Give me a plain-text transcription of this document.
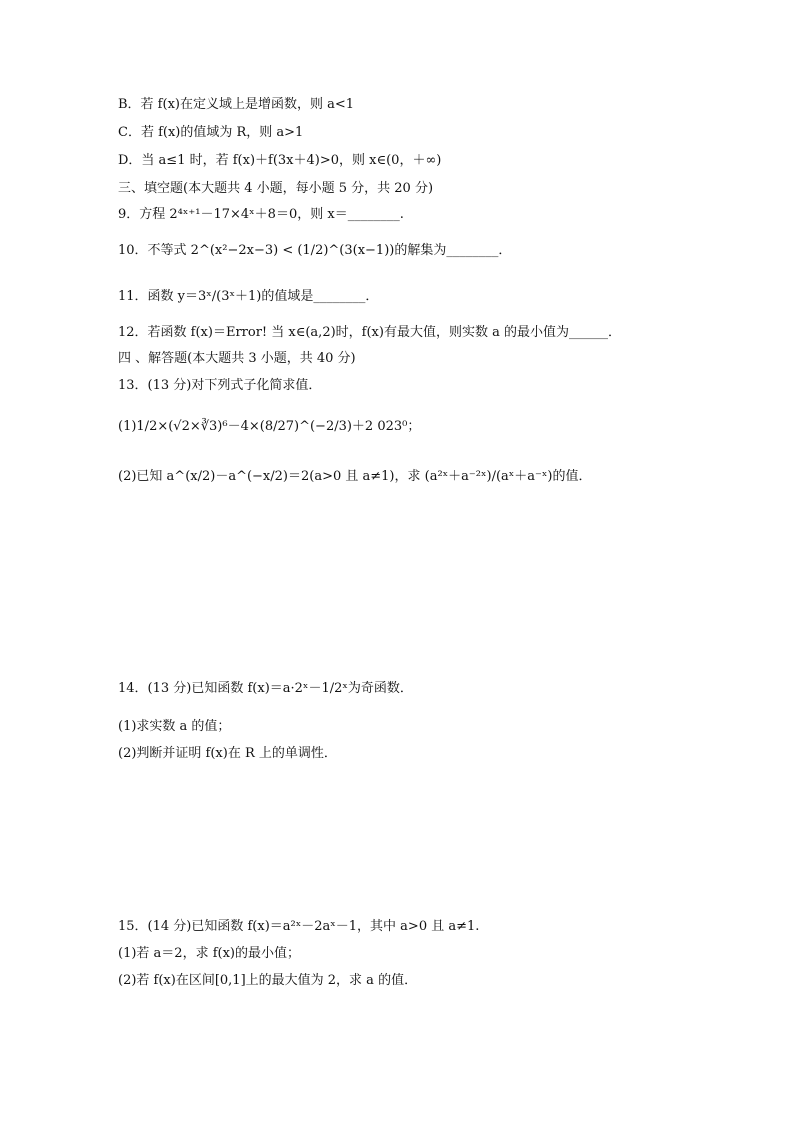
B．若 f(x)在定义域上是增函数，则 a<1
C．若 f(x)的值域为 R，则 a>1
D．当 a≤1 时，若 f(x)＋f(3x＋4)>0，则 x∈(0，＋∞)
三、填空题(本大题共 4 小题，每小题 5 分，共 20 分)
9．方程 2⁴ˣ⁺¹－17×4ˣ＋8＝0，则 x＝________.
10．不等式 2^(x²−2x−3) < (1/2)^(3(x−1))的解集为________．
11．函数 y＝3ˣ/(3ˣ＋1)的值域是________．
12．若函数 f(x)＝Error! 当 x∈(a,2)时，f(x)有最大值，则实数 a 的最小值为______．
四 、解答题(本大题共 3 小题，共 40 分)
13．(13 分)对下列式子化简求值．
(1)1/2×(√2×∛3)⁶－4×(8/27)^(−2/3)＋2 023⁰；
(2)已知 a^(x/2)－a^(−x/2)＝2(a>0 且 a≠1)，求 (a²ˣ＋a⁻²ˣ)/(aˣ＋a⁻ˣ)的值．
14．(13 分)已知函数 f(x)＝a·2ˣ－1/2ˣ为奇函数．
(1)求实数 a 的值；
(2)判断并证明 f(x)在 R 上的单调性．
15．(14 分)已知函数 f(x)＝a²ˣ－2aˣ－1，其中 a>0 且 a≠1.
(1)若 a＝2，求 f(x)的最小值；
(2)若 f(x)在区间[0,1]上的最大值为 2，求 a 的值．
